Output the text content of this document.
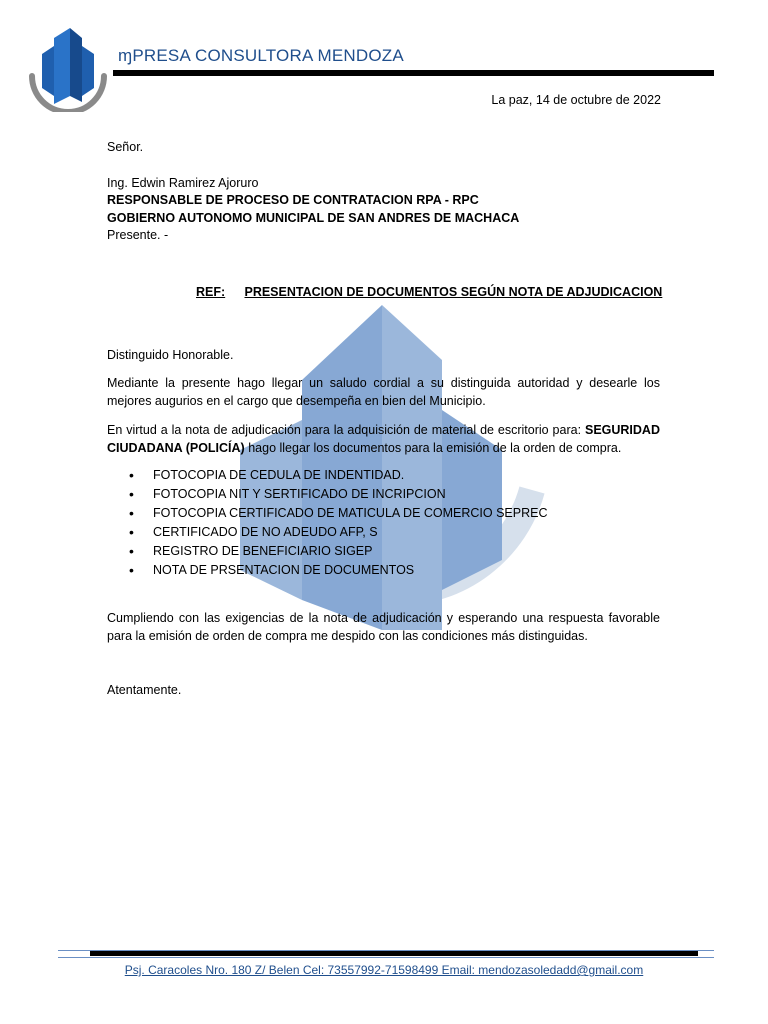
ɱPRESA CONSULTORA MENDOZA
La paz, 14 de octubre de 2022

Señor.

Ing. Edwin Ramirez Ajoruro

RESPONSABLE DE PROCESO DE CONTRATACION RPA - RPC

GOBIERNO AUTONOMO MUNICIPAL DE SAN ANDRES DE MACHACA

Presente. -

Distinguido Honorable.

Mediante la presente hago llegar un saludo cordial a su distinguida autoridad y desearle los mejores augurios en el cargo que desempeña en bien del Municipio.

En virtud a la nota de adjudicación para la adquisición de material de escritorio para: SEGURIDAD CIUDADANA (POLICÍA) hago llegar los documentos para la emisión de la orden de compra.

• FOTOCOPIA DE CEDULA DE INDENTIDAD.
• FOTOCOPIA NIT Y SERTIFICADO DE INCRIPCION
• FOTOCOPIA CERTIFICADO DE MATICULA DE COMERCIO SEPREC
• CERTIFICADO DE NO ADEUDO AFP, S
• REGISTRO DE BENEFICIARIO SIGEP
• NOTA DE PRSENTACION DE DOCUMENTOS

Cumpliendo con las exigencias de la nota de adjudicación y esperando una respuesta favorable para la emisión de orden de compra me despido con las condiciones más distinguidas.

Atentamente.

REF: PRESENTACION DE DOCUMENTOS SEGÚN NOTA DE ADJUDICACION
Psj. Caracoles Nro. 180 Z/ Belen Cel: 73557992-71598499 Email: mendozasoledadd@gmail.com
